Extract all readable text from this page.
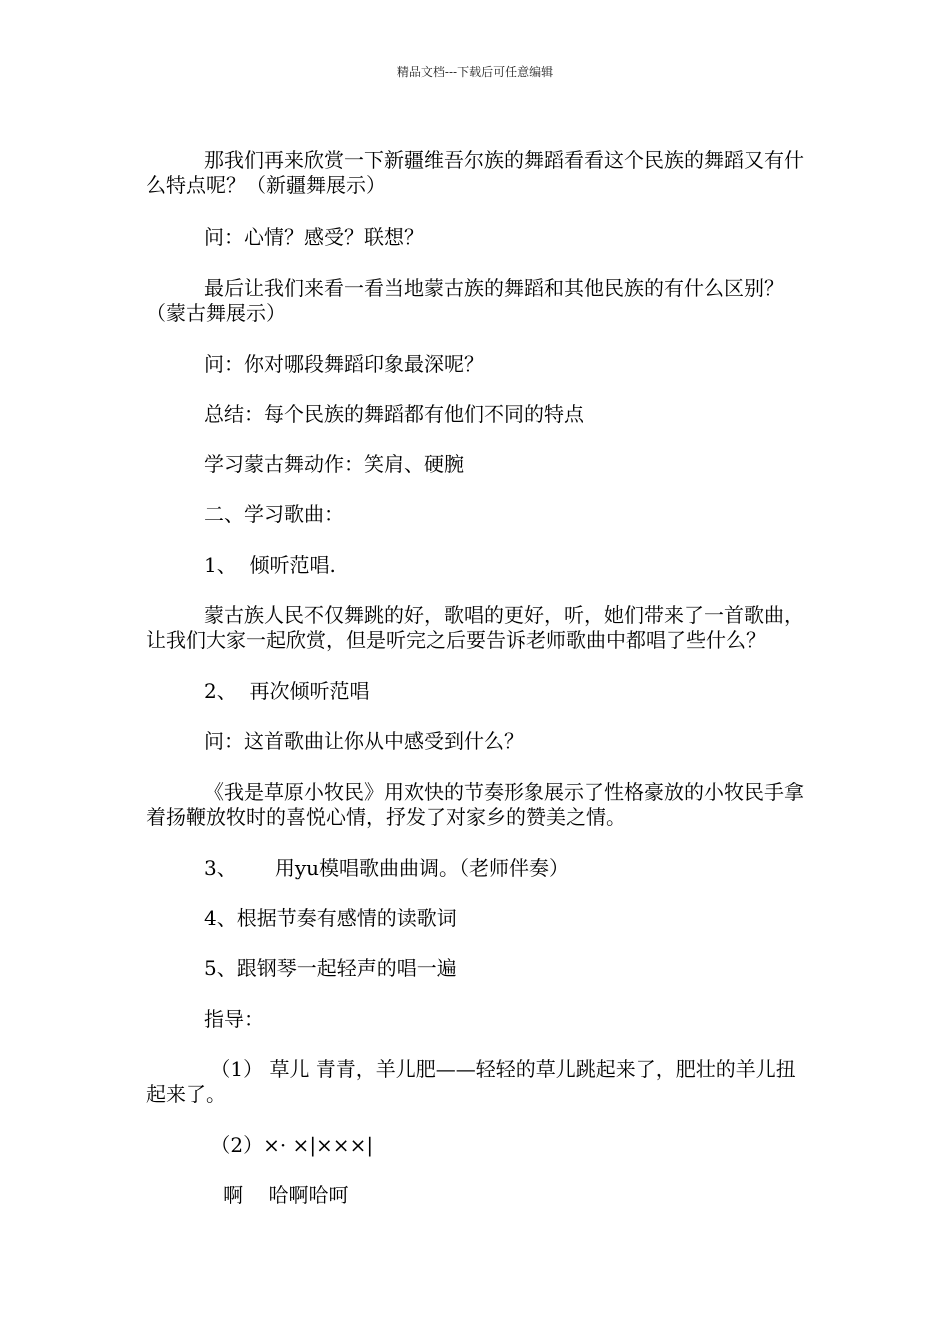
精品文档---下载后可任意编辑

那我们再来欣赏一下新疆维吾尔族的舞蹈看看这个民族的舞蹈又有什么特点呢？（新疆舞展示）

问：心情？感受？联想？

最后让我们来看一看当地蒙古族的舞蹈和其他民族的有什么区别？（蒙古舞展示）

问：你对哪段舞蹈印象最深呢？

总结：每个民族的舞蹈都有他们不同的特点

学习蒙古舞动作：笑肩、硬腕

二、学习歌曲：

1、  倾听范唱.

蒙古族人民不仅舞跳的好，歌唱的更好，听，她们带来了一首歌曲，让我们大家一起欣赏，但是听完之后要告诉老师歌曲中都唱了些什么？

2、  再次倾听范唱

问：这首歌曲让你从中感受到什么？

《我是草原小牧民》用欢快的节奏形象展示了性格豪放的小牧民手拿着扬鞭放牧时的喜悦心情，抒发了对家乡的赞美之情。

3、      用yu模唱歌曲曲调。（老师伴奏）

4、根据节奏有感情的读歌词

5、跟钢琴一起轻声的唱一遍

指导：

（1） 草儿 青青，羊儿肥——轻轻的草儿跳起来了，肥壮的羊儿扭起来了。

（2）×· ×|×××|

啊    哈啊哈呵
